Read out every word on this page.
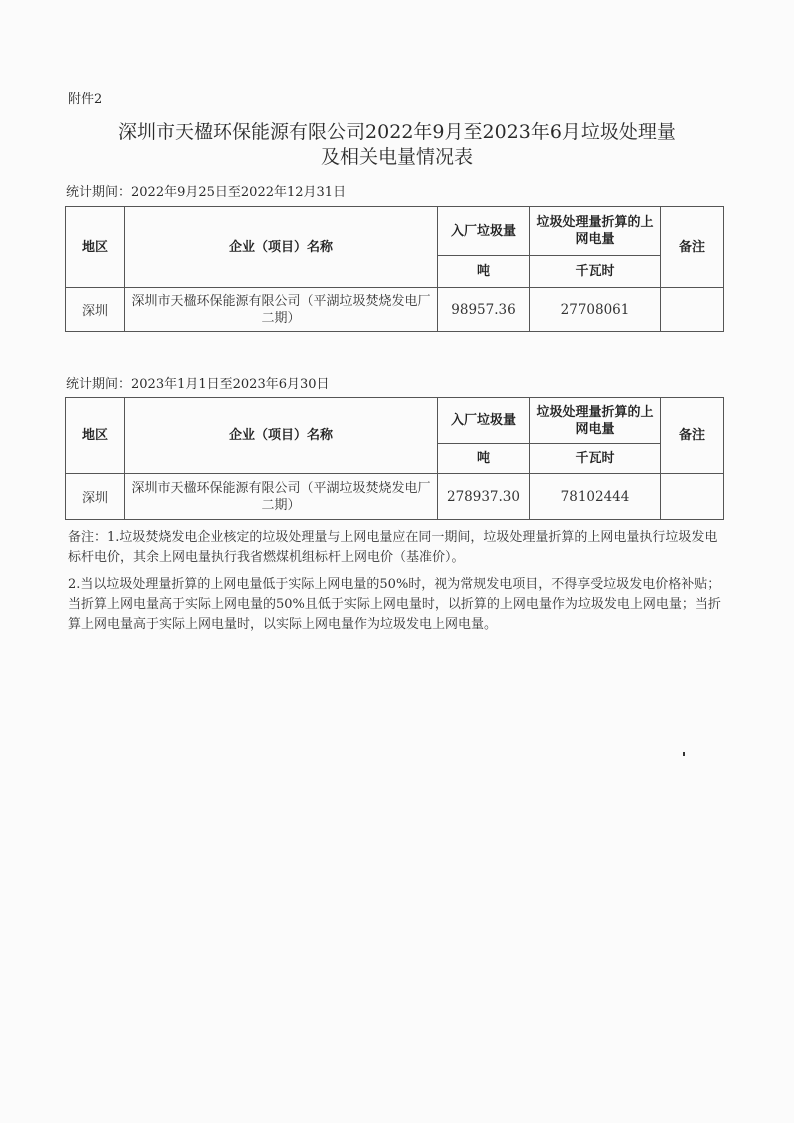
附件2
深圳市天楹环保能源有限公司2022年9月至2023年6月垃圾处理量
及相关电量情况表
统计期间：2022年9月25日至2022年12月31日
地区	企业（项目）名称	入厂垃圾量	垃圾处理量折算的上网电量	备注
		吨	千瓦时	
深圳	深圳市天楹环保能源有限公司（平湖垃圾焚烧发电厂二期）	98957.36	27708061	
统计期间：2023年1月1日至2023年6月30日
地区	企业（项目）名称	入厂垃圾量	垃圾处理量折算的上网电量	备注
		吨	千瓦时	
深圳	深圳市天楹环保能源有限公司（平湖垃圾焚烧发电厂二期）	278937.30	78102444	
备注：1.垃圾焚烧发电企业核定的垃圾处理量与上网电量应在同一期间，垃圾处理量折算的上网电量执行垃圾发电标杆电价，其余上网电量执行我省燃煤机组标杆上网电价（基准价）。
2.当以垃圾处理量折算的上网电量低于实际上网电量的50%时，视为常规发电项目，不得享受垃圾发电价格补贴；当折算上网电量高于实际上网电量的50%且低于实际上网电量时，以折算的上网电量作为垃圾发电上网电量；当折算上网电量高于实际上网电量时，以实际上网电量作为垃圾发电上网电量。
